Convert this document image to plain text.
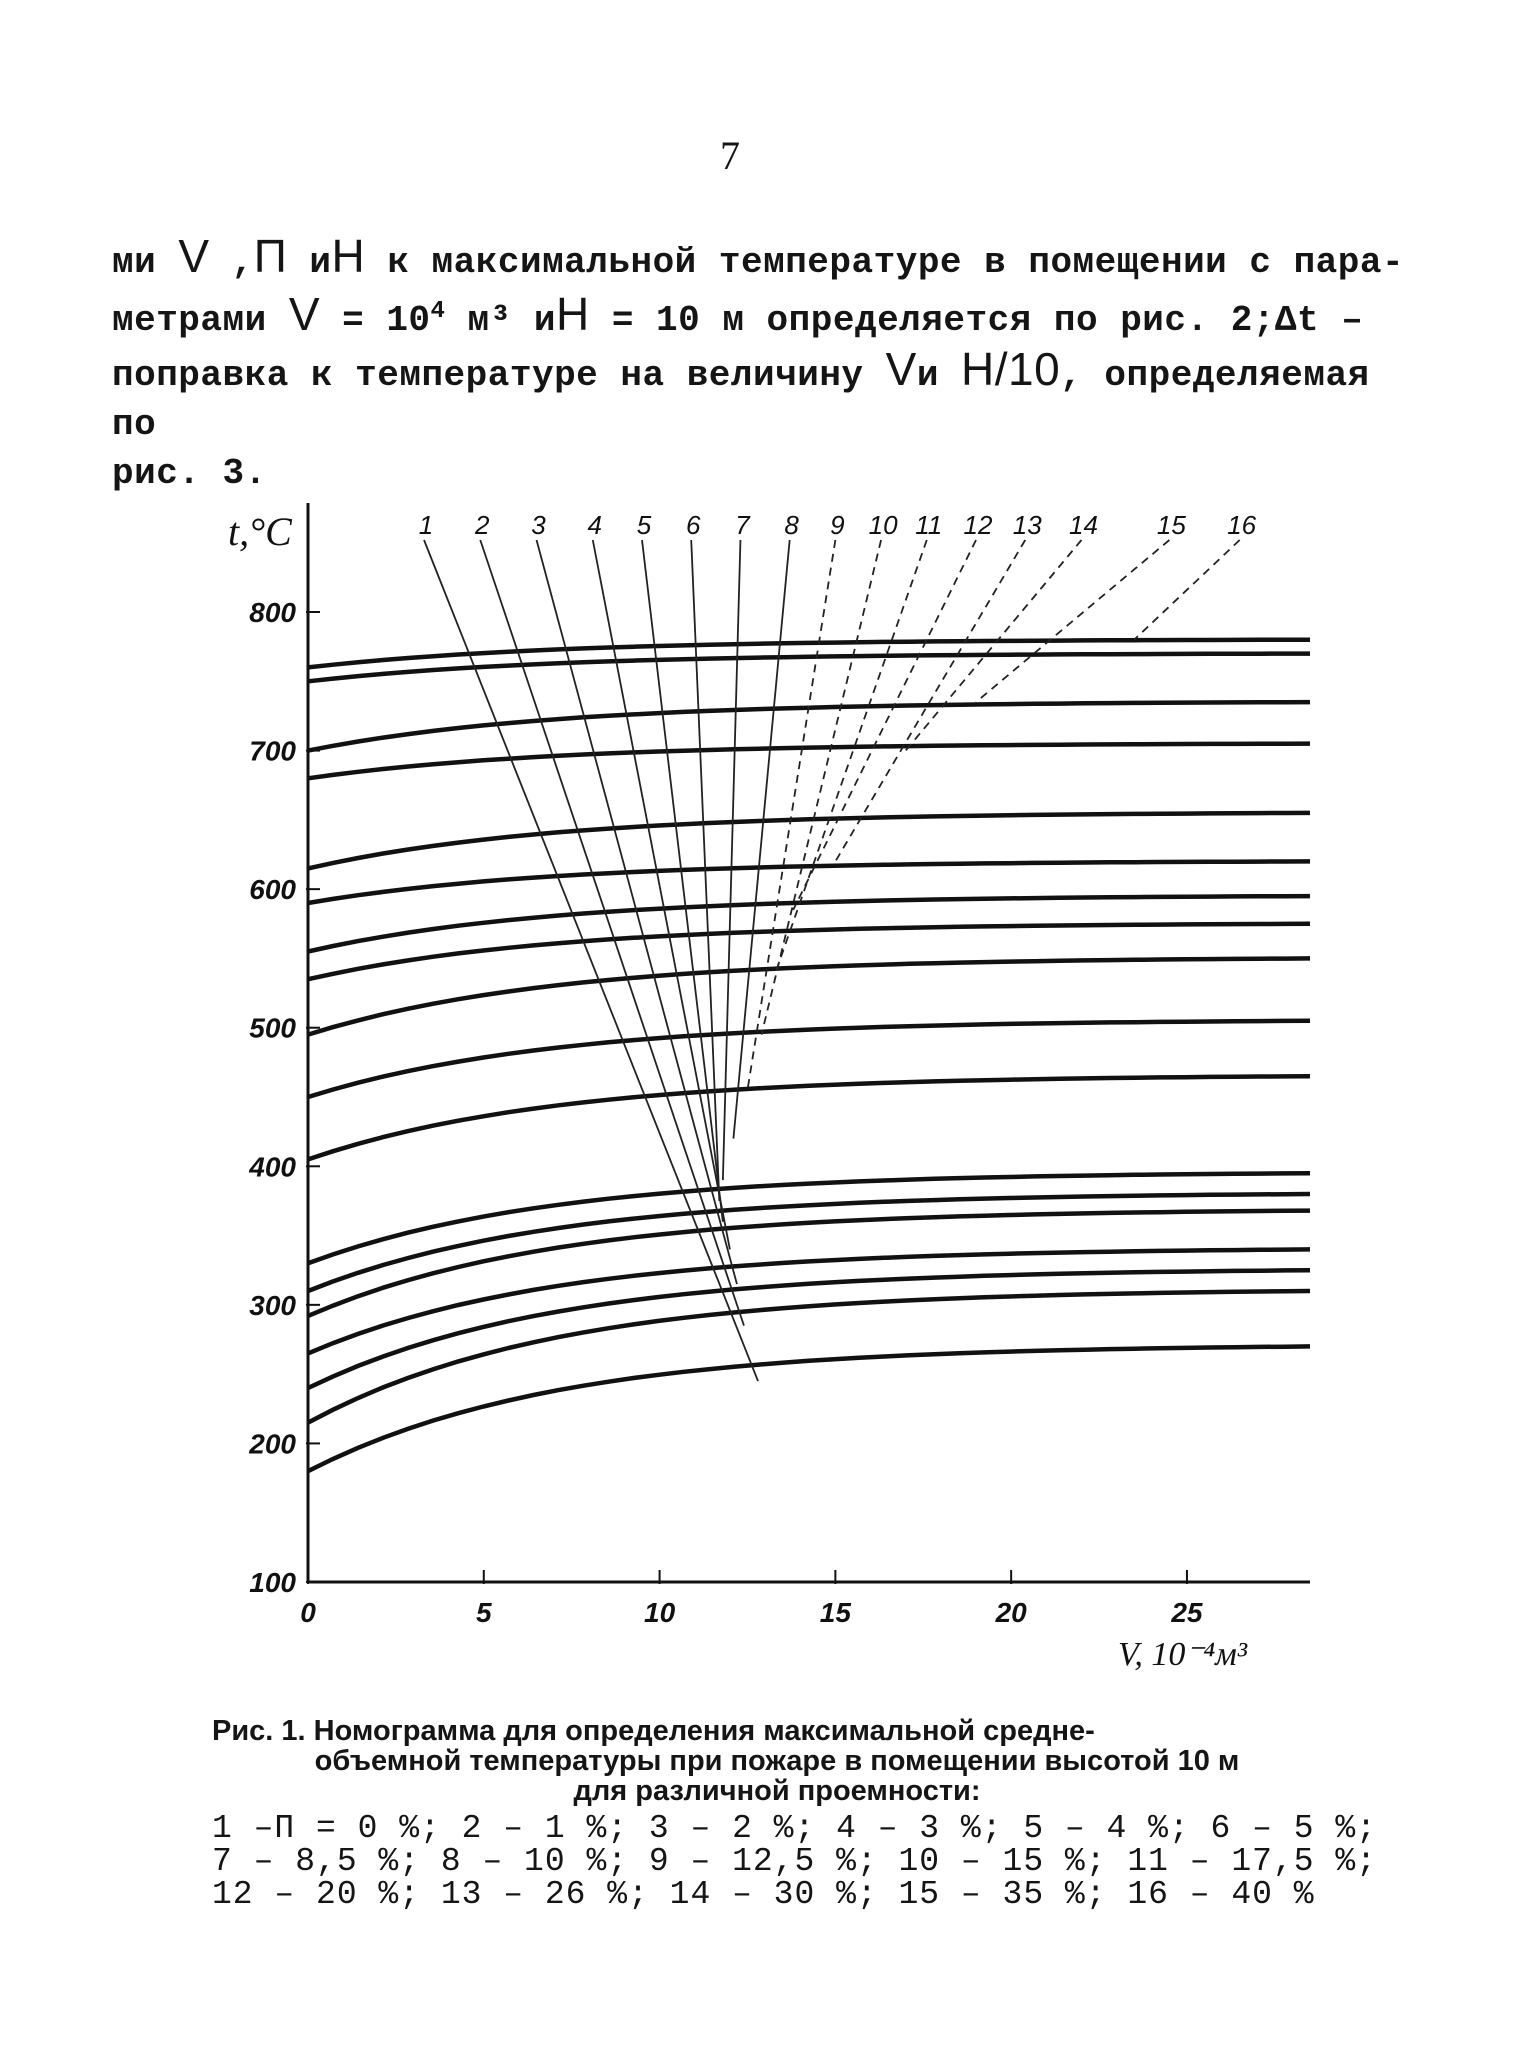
7
ми V ,П иН к максимальной температуре в помещении с пара-
метрами $V = 10^4$ м³ иН = 10 м определяется по рис. 2;Δt –
поправка к температуре на величину Vи Н/10, определяемая по
рис. 3.
100
200
300
400
500
600
700
800
0	5	10	15	20	25
t,°C
V, 10⁻⁴м³
1 2 3 4 5 6 7 8 9 10 11 12 13 14 15 16
Рис. 1. Номограмма для определения максимальной средне-
объемной температуры при пожаре в помещении высотой 10 м
для различной проемности:
1 –П = 0 %; 2 – 1 %; 3 – 2 %; 4 – 3 %; 5 – 4 %; 6 – 5 %;
7 – 8,5 %; 8 – 10 %; 9 – 12,5 %; 10 – 15 %; 11 – 17,5 %;
12 – 20 %; 13 – 26 %; 14 – 30 %; 15 – 35 %; 16 – 40 %
